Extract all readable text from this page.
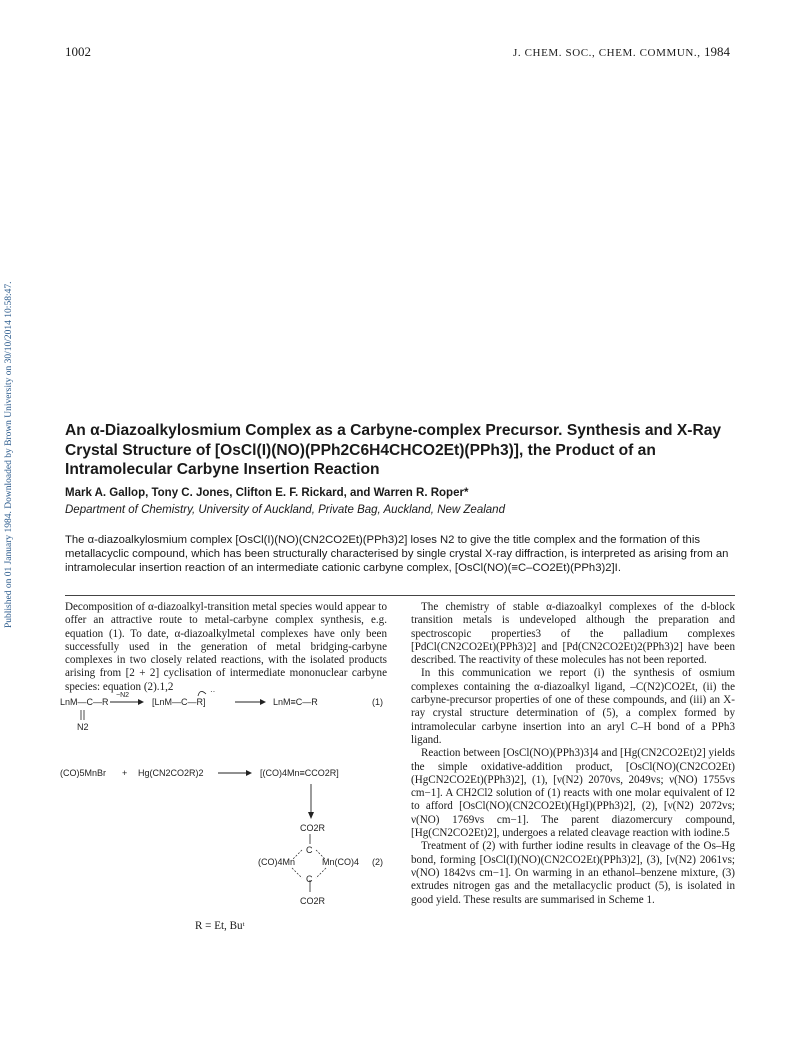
1002	J. CHEM. SOC., CHEM. COMMUN., 1984
Published on 01 January 1984. Downloaded by Brown University on 30/10/2014 10:58:47.	An α-Diazoalkylosmium Complex as a Carbyne-complex Precursor. Synthesis and X-Ray Crystal Structure of [OsCl(I)(NO)(PPh2C6H4CHCO2Et)(PPh3)], the Product of an Intramolecular Carbyne Insertion Reaction
Mark A. Gallop, Tony C. Jones, Clifton E. F. Rickard, and Warren R. Roper*
Department of Chemistry, University of Auckland, Private Bag, Auckland, New Zealand
The α-diazoalkylosmium complex [OsCl(I)(NO)(CN2CO2Et)(PPh3)2] loses N2 to give the title complex and the formation of this metallacyclic compound, which has been structurally characterised by single crystal X-ray diffraction, is interpreted as arising from an intramolecular insertion reaction of an intermediate cationic carbyne complex, [OsCl(NO)(≡C–CO2Et)(PPh3)2]I.

Decomposition of α-diazoalkyl-transition metal species would appear to offer an attractive route to metal-carbyne complex synthesis, e.g. equation (1). To date, α-diazoalkylmetal complexes have only been successfully used in the generation of metal bridging-carbyne complexes in two closely related reactions, with the isolated products arising from [2 + 2] cyclisation of intermediate mononuclear carbyne species: equation (2).1,2

LnM—C—R
N2
−N2	··
[LnM—C—R]	LnM≡C—R	(1)
(CO)5MnBr + Hg(CN2CO2R)2	[(CO)4Mn≡CCO2R]
CO2R
C
(CO)4Mn	Mn(CO)4 (2)
C
CO2R
R = Et, Buᵗ

The chemistry of stable α-diazoalkyl complexes of the d-block transition metals is undeveloped although the preparation and spectroscopic properties3 of the palladium complexes [PdCl(CN2CO2Et)(PPh3)2] and [Pd(CN2CO2Et)2(PPh3)2] have been described. The reactivity of these molecules has not been reported.

In this communication we report (i) the synthesis of osmium complexes containing the α-diazoalkyl ligand, –C(N2)CO2Et, (ii) the carbyne-precursor properties of one of these compounds, and (iii) an X-ray crystal structure determination of (5), a complex formed by intramolecular carbyne insertion into an aryl C–H bond of a PPh3 ligand.

Reaction between [OsCl(NO)(PPh3)3]4 and [Hg(CN2CO2Et)2] yields the simple oxidative-addition product, [OsCl(NO)(CN2CO2Et)(HgCN2CO2Et)(PPh3)2], (1), [ν(N2) 2070vs, 2049vs; ν(NO) 1755vs cm−1]. A CH2Cl2 solution of (1) reacts with one molar equivalent of I2 to afford [OsCl(NO)(CN2CO2Et)(HgI)(PPh3)2], (2), [ν(N2) 2072vs; ν(NO) 1769vs cm−1]. The parent diazomercury compound, [Hg(CN2CO2Et)2], undergoes a related cleavage reaction with iodine.5

Treatment of (2) with further iodine results in cleavage of the Os–Hg bond, forming [OsCl(I)(NO)(CN2CO2Et)(PPh3)2], (3), [ν(N2) 2061vs; ν(NO) 1842vs cm−1]. On warming in an ethanol–benzene mixture, (3) extrudes nitrogen gas and the metallacyclic product (5), is isolated in good yield. These results are summarised in Scheme 1.
